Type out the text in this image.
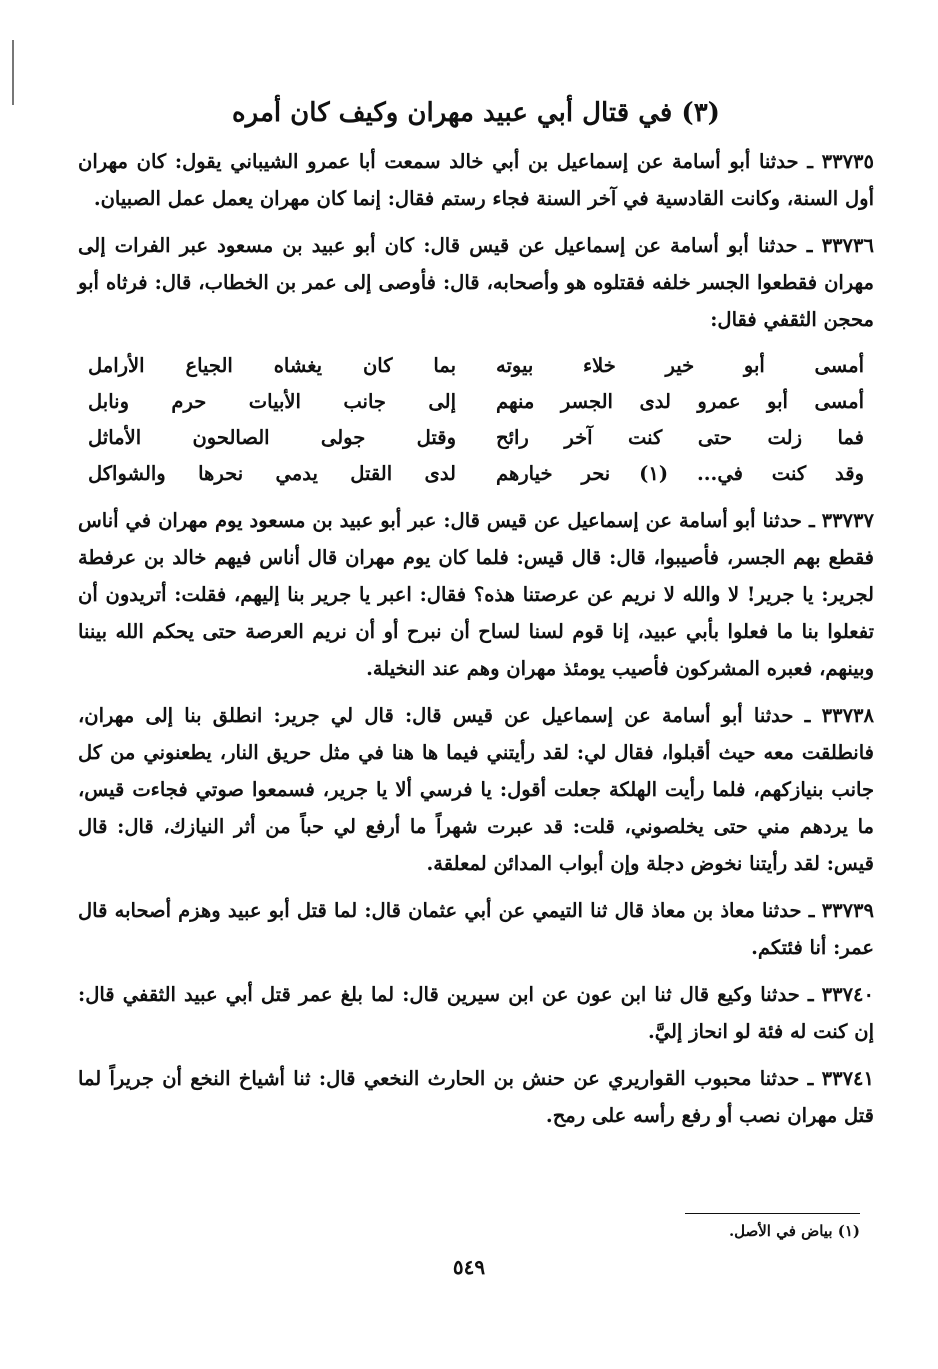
(٣) في قتال أبي عبيد مهران وكيف كان أمره

٣٣٧٣٥ ـ حدثنا أبو أسامة عن إسماعيل بن أبي خالد سمعت أبا عمرو الشيباني يقول: كان مهران أول السنة، وكانت القادسية في آخر السنة فجاء رستم فقال: إنما كان مهران يعمل عمل الصبيان.

٣٣٧٣٦ ـ حدثنا أبو أسامة عن إسماعيل عن قيس قال: كان أبو عبيد بن مسعود عبر الفرات إلى مهران فقطعوا الجسر خلفه فقتلوه هو وأصحابه، قال: فأوصى إلى عمر بن الخطاب، قال: فرثاه أبو محجن الثقفي فقال:

أمسى أبو خير خلاء بيوته
بما كان يغشاه الجياع الأرامل
أمسى أبو عمرو لدى الجسر منهم
إلى جانب الأبيات حرم ونابل
فما زلت حتى كنت آخر رائح
وقتل جولى الصالحون الأماثل
وقد كنت في... (١) نحر خيارهم
لدى القتل يدمي نحرها والشواكل

٣٣٧٣٧ ـ حدثنا أبو أسامة عن إسماعيل عن قيس قال: عبر أبو عبيد بن مسعود يوم مهران في أناس فقطع بهم الجسر، فأصيبوا، قال: قال قيس: فلما كان يوم مهران قال أناس فيهم خالد بن عرفطة لجرير: يا جرير! لا والله لا نريم عن عرصتنا هذه؟ فقال: اعبر يا جرير بنا إليهم، فقلت: أتريدون أن تفعلوا بنا ما فعلوا بأبي عبيد، إنا قوم لسنا لساح أن نبرح أو أن نريم العرصة حتى يحكم الله بيننا وبينهم، فعبره المشركون فأصيب يومئذ مهران وهم عند النخيلة.

٣٣٧٣٨ ـ حدثنا أبو أسامة عن إسماعيل عن قيس قال: قال لي جرير: انطلق بنا إلى مهران، فانطلقت معه حيث أقبلوا، فقال لي: لقد رأيتني فيما ها هنا في مثل حريق النار، يطعنوني من كل جانب بنيازكهم، فلما رأيت الهلكة جعلت أقول: يا فرسي ألا يا جرير، فسمعوا صوتي فجاءت قيس، ما يردهم مني حتى يخلصوني، قلت: قد عبرت شهراً ما أرفع لي حباً من أثر النيازك، قال: قال قيس: لقد رأيتنا نخوض دجلة وإن أبواب المدائن لمعلقة.

٣٣٧٣٩ ـ حدثنا معاذ بن معاذ قال ثنا التيمي عن أبي عثمان قال: لما قتل أبو عبيد وهزم أصحابه قال عمر: أنا فئتكم.

٣٣٧٤٠ ـ حدثنا وكيع قال ثنا ابن عون عن ابن سيرين قال: لما بلغ عمر قتل أبي عبيد الثقفي قال: إن كنت له فئة لو انحاز إليَّ.

٣٣٧٤١ ـ حدثنا محبوب القواريري عن حنش بن الحارث النخعي قال: ثنا أشياخ النخع أن جريراً لما قتل مهران نصب أو رفع رأسه على رمح.

(١) بياض في الأصل.
٥٤٩
